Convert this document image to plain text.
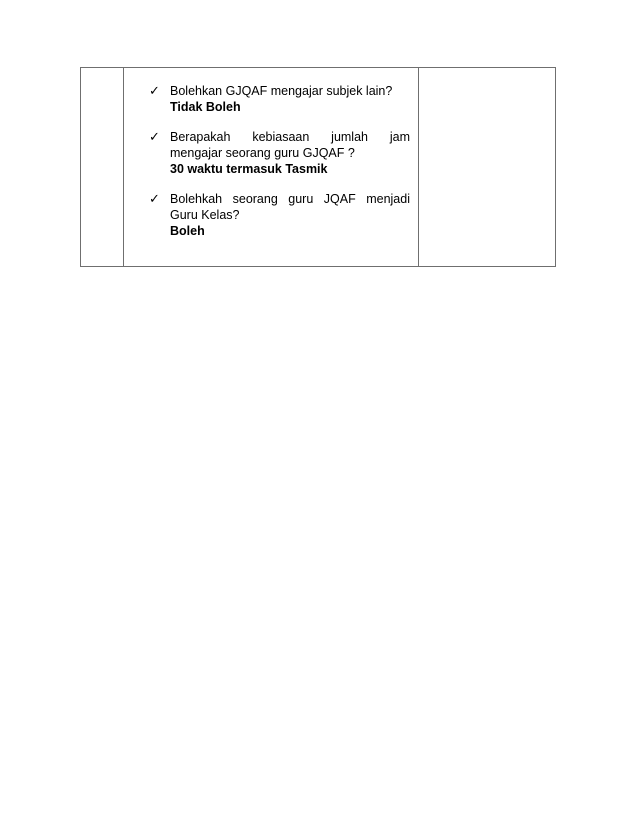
✓ Bolehkan GJQAF mengajar subjek lain?
Tidak Boleh
✓ Berapakah kebiasaan jumlah jam mengajar seorang guru GJQAF ?
30 waktu termasuk Tasmik
✓ Bolehkah seorang guru JQAF menjadi Guru Kelas?
Boleh
